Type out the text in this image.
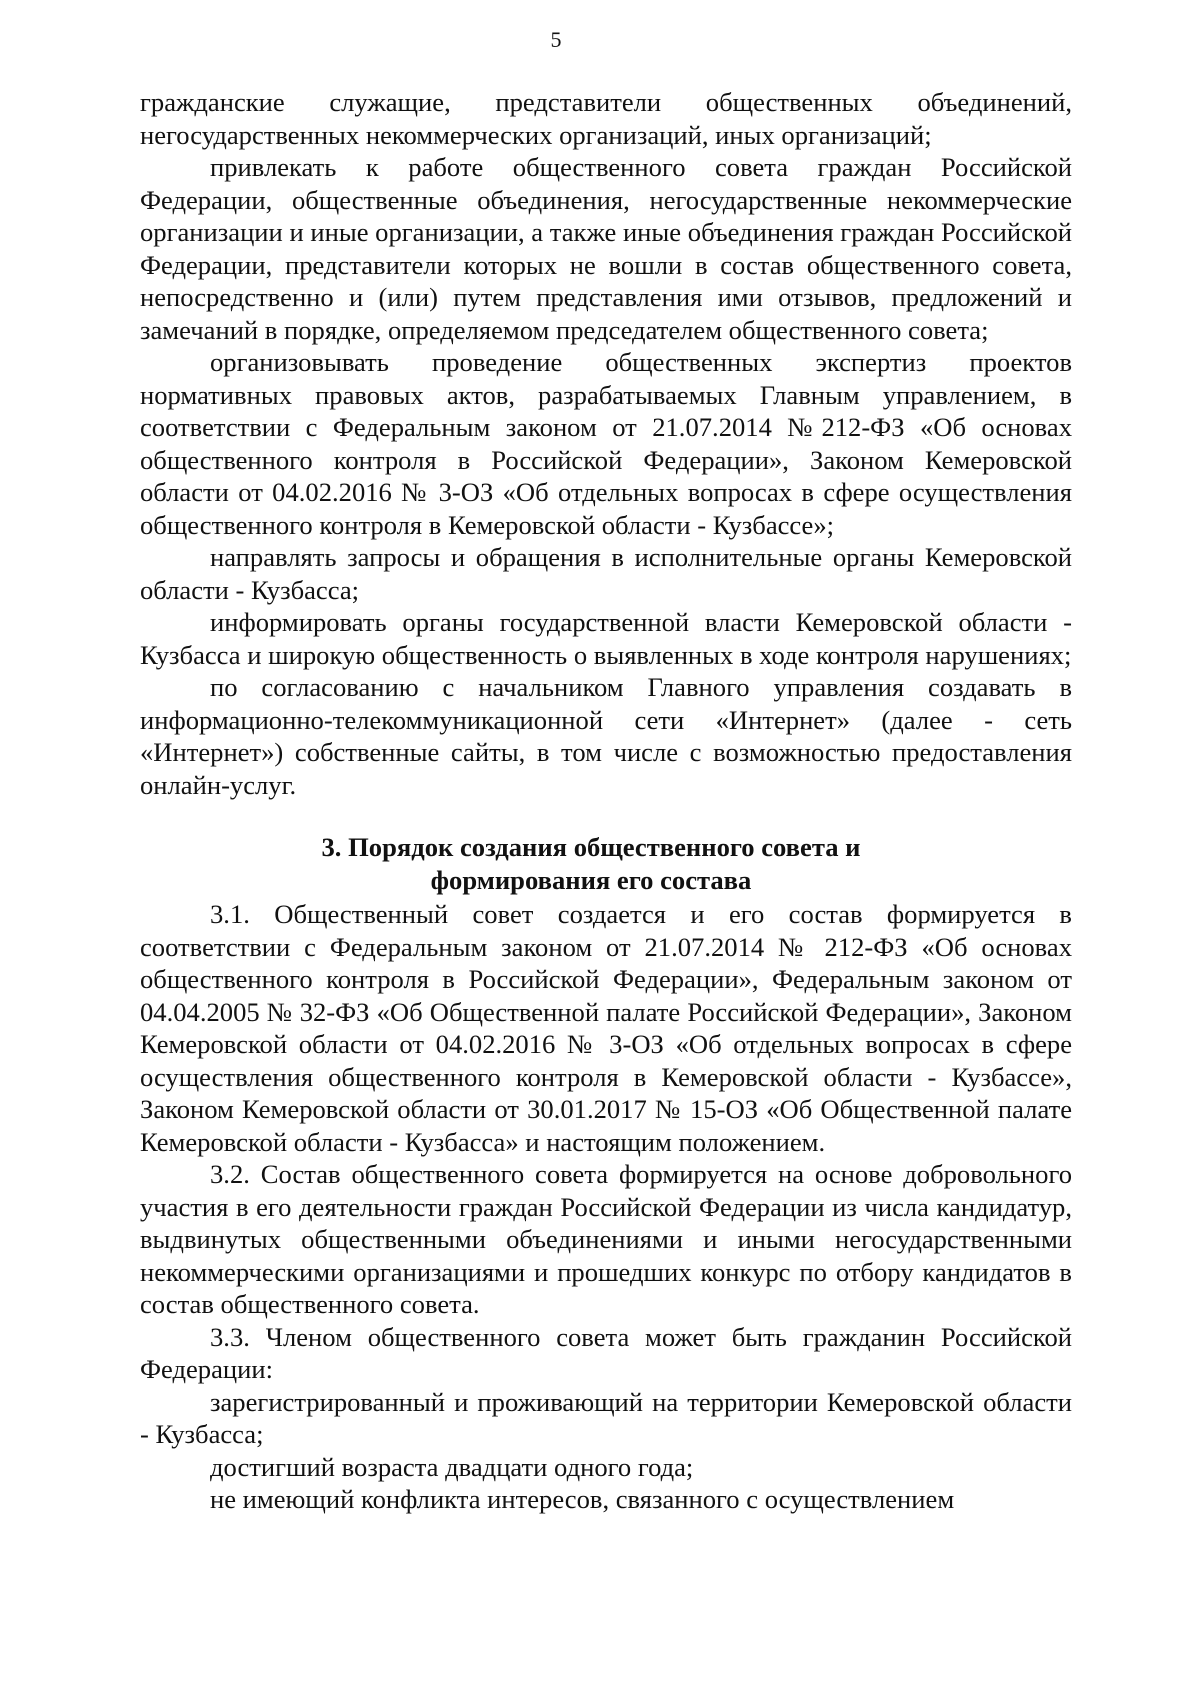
5

гражданские служащие, представители общественных объединений, негосударственных некоммерческих организаций, иных организаций;

привлекать к работе общественного совета граждан Российской Федерации, общественные объединения, негосударственные некоммерческие организации и иные организации, а также иные объединения граждан Российской Федерации, представители которых не вошли в состав общественного совета, непосредственно и (или) путем представления ими отзывов, предложений и замечаний в порядке, определяемом председателем общественного совета;

организовывать проведение общественных экспертиз проектов нормативных правовых актов, разрабатываемых Главным управлением, в соответствии с Федеральным законом от 21.07.2014 №212-ФЗ «Об основах общественного контроля в Российской Федерации», Законом Кемеровской области от 04.02.2016 № 3-ОЗ «Об отдельных вопросах в сфере осуществления общественного контроля в Кемеровской области - Кузбассе»;

направлять запросы и обращения в исполнительные органы Кемеровской области - Кузбасса;

информировать органы государственной власти Кемеровской области - Кузбасса и широкую общественность о выявленных в ходе контроля нарушениях;

по согласованию с начальником Главного управления создавать в информационно-телекоммуникационной сети «Интернет» (далее - сеть «Интернет») собственные сайты, в том числе с возможностью предоставления онлайн-услуг.

3. Порядок создания общественного совета и
формирования его состава

3.1. Общественный совет создается и его состав формируется в соответствии с Федеральным законом от 21.07.2014 № 212-ФЗ «Об основах общественного контроля в Российской Федерации», Федеральным законом от 04.04.2005 № 32-ФЗ «Об Общественной палате Российской Федерации», Законом Кемеровской области от 04.02.2016 № 3-ОЗ «Об отдельных вопросах в сфере осуществления общественного контроля в Кемеровской области - Кузбассе», Законом Кемеровской области от 30.01.2017 № 15-ОЗ «Об Общественной палате Кемеровской области - Кузбасса» и настоящим положением.

3.2. Состав общественного совета формируется на основе добровольного участия в его деятельности граждан Российской Федерации из числа кандидатур, выдвинутых общественными объединениями и иными негосударственными некоммерческими организациями и прошедших конкурс по отбору кандидатов в состав общественного совета.

3.3. Членом общественного совета может быть гражданин Российской Федерации:

зарегистрированный и проживающий на территории Кемеровской области - Кузбасса;

достигший возраста двадцати одного года;

не имеющий конфликта интересов, связанного с осуществлением
